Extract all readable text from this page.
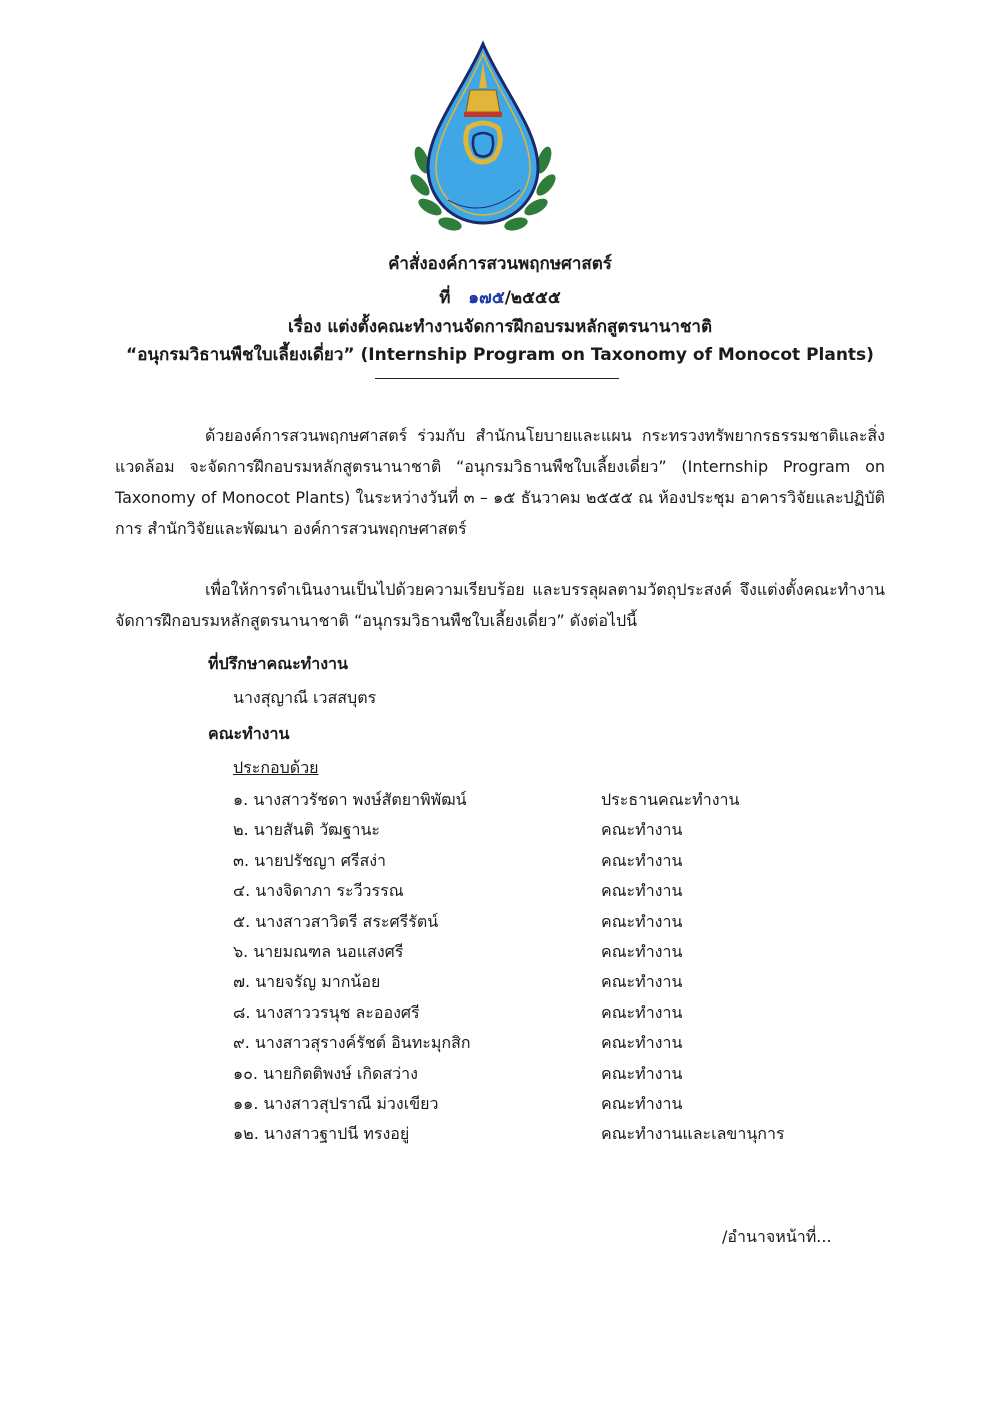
คำสั่งองค์การสวนพฤกษศาสตร์
ที่ ๑๗๕/๒๕๕๕
เรื่อง แต่งตั้งคณะทำงานจัดการฝึกอบรมหลักสูตรนานาชาติ
“อนุกรมวิธานพืชใบเลี้ยงเดี่ยว” (Internship Program on Taxonomy of Monocot Plants)
ด้วยองค์การสวนพฤกษศาสตร์ ร่วมกับ สำนักนโยบายและแผน กระทรวงทรัพยากรธรรมชาติและสิ่งแวดล้อม จะจัดการฝึกอบรมหลักสูตรนานาชาติ “อนุกรมวิธานพืชใบเลี้ยงเดี่ยว” (Internship Program on Taxonomy of Monocot Plants) ในระหว่างวันที่ ๓ – ๑๕ ธันวาคม ๒๕๕๕ ณ ห้องประชุม อาคารวิจัยและปฏิบัติการ สำนักวิจัยและพัฒนา องค์การสวนพฤกษศาสตร์
เพื่อให้การดำเนินงานเป็นไปด้วยความเรียบร้อย และบรรลุผลตามวัตถุประสงค์ จึงแต่งตั้งคณะทำงานจัดการฝึกอบรมหลักสูตรนานาชาติ “อนุกรมวิธานพืชใบเลี้ยงเดี่ยว” ดังต่อไปนี้
ที่ปรึกษาคณะทำงาน
นางสุญาณี เวสสบุตร
คณะทำงาน
ประกอบด้วย
๑. นางสาวรัชดา พงษ์สัตยาพิพัฒน์	ประธานคณะทำงาน
๒. นายสันติ วัฒฐานะ	คณะทำงาน
๓. นายปรัชญา ศรีสง่า	คณะทำงาน
๔. นางจิดาภา ระวีวรรณ	คณะทำงาน
๕. นางสาวสาวิตรี สระศรีรัตน์	คณะทำงาน
๖. นายมณฑล นอแสงศรี	คณะทำงาน
๗. นายจรัญ มากน้อย	คณะทำงาน
๘. นางสาววรนุช ละอองศรี	คณะทำงาน
๙. นางสาวสุรางค์รัชต์ อินทะมุกสิก	คณะทำงาน
๑๐. นายกิตติพงษ์ เกิดสว่าง	คณะทำงาน
๑๑. นางสาวสุปราณี ม่วงเขียว	คณะทำงาน
๑๒. นางสาวฐาปนี ทรงอยู่	คณะทำงานและเลขานุการ
/อำนาจหน้าที่...
